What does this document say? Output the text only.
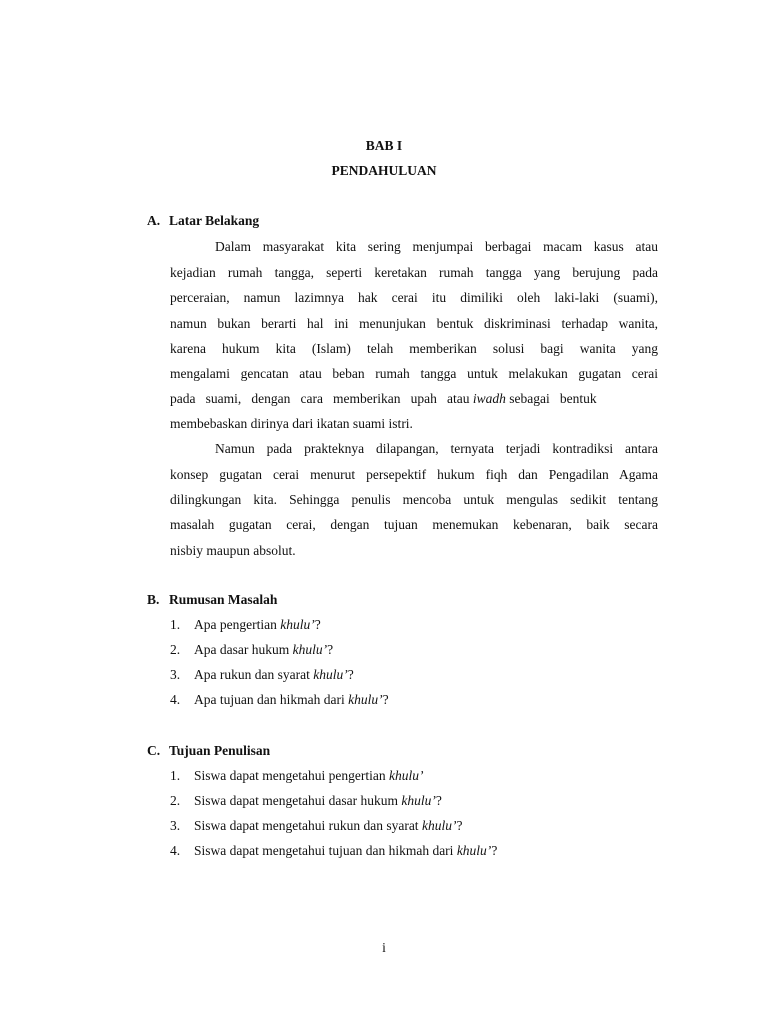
BAB I
PENDAHULUAN
A. Latar Belakang
Dalam masyarakat kita sering menjumpai berbagai macam kasus atau
kejadian rumah tangga, seperti keretakan rumah tangga yang berujung pada
perceraian, namun lazimnya hak cerai itu dimiliki oleh laki-laki (suami),
namun bukan berarti hal ini menunjukan bentuk diskriminasi terhadap wanita,
karena hukum kita (Islam) telah memberikan solusi bagi wanita yang
mengalami gencatan atau beban rumah tangga untuk melakukan gugatan cerai
pada   suami,   dengan   cara   memberikan   upah   atau iwadh sebagai   bentuk
membebaskan dirinya dari ikatan suami istri.
Namun pada prakteknya dilapangan, ternyata terjadi kontradiksi antara
konsep gugatan cerai menurut persepektif hukum fiqh dan Pengadilan Agama
dilingkungan kita. Sehingga penulis mencoba untuk mengulas sedikit tentang
masalah gugatan cerai, dengan tujuan menemukan kebenaran, baik secara
nisbiy maupun absolut.
B. Rumusan Masalah
1. Apa pengertian khulu’?
2. Apa dasar hukum khulu’?
3. Apa rukun dan syarat khulu’?
4. Apa tujuan dan hikmah dari khulu’?
C. Tujuan Penulisan
1. Siswa dapat mengetahui pengertian khulu’
2. Siswa dapat mengetahui dasar hukum khulu’?
3. Siswa dapat mengetahui rukun dan syarat khulu’?
4. Siswa dapat mengetahui tujuan dan hikmah dari khulu’?
i
